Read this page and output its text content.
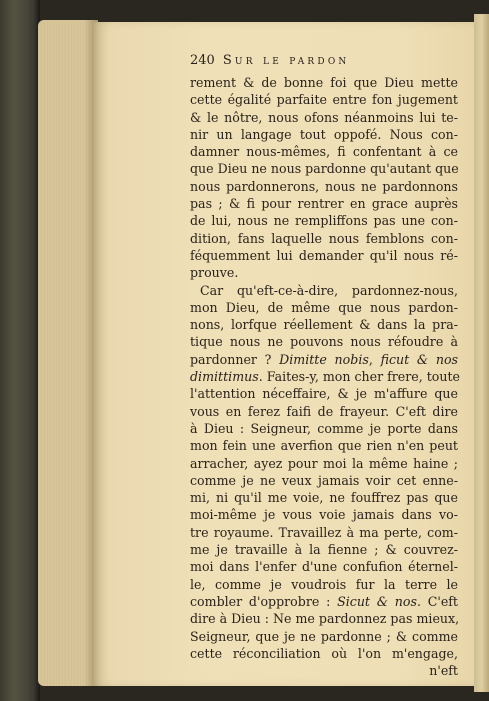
240 Sur le pardon
rement & de bonne foi que Dieu mette
cette égalité parfaite entre fon jugement
& le nôtre, nous ofons néanmoins lui te-
nir un langage tout oppofé. Nous con-
damner nous-mêmes, fi confentant à ce
que Dieu ne nous pardonne qu'autant que
nous pardonnerons, nous ne pardonnons
pas ; & fi pour rentrer en grace auprès
de lui, nous ne rempliffons pas une con-
dition, fans laquelle nous femblons con-
féquemment lui demander qu'il nous ré-
prouve.
Car qu'eft-ce-à-dire, pardonnez-nous,
mon Dieu, de même que nous pardon-
nons, lorfque réellement & dans la pra-
tique nous ne pouvons nous réfoudre à
pardonner ? Dimitte nobis, ficut & nos
dimittimus. Faites-y, mon cher frere, toute
l'attention néceffaire, & je m'affure que
vous en ferez faifi de frayeur. C'eft dire
à Dieu : Seigneur, comme je porte dans
mon fein une averfion que rien n'en peut
arracher, ayez pour moi la même haine ;
comme je ne veux jamais voir cet enne-
mi, ni qu'il me voie, ne fouffrez pas que
moi-même je vous voie jamais dans vo-
tre royaume. Travaillez à ma perte, com-
me je travaille à la fienne ; & couvrez-
moi dans l'enfer d'une confufion éternel-
le, comme je voudrois fur la terre le
combler d'opprobre : Sicut & nos. C'eft
dire à Dieu : Ne me pardonnez pas mieux,
Seigneur, que je ne pardonne ; & comme
cette réconciliation où l'on m'engage,
n'eft
